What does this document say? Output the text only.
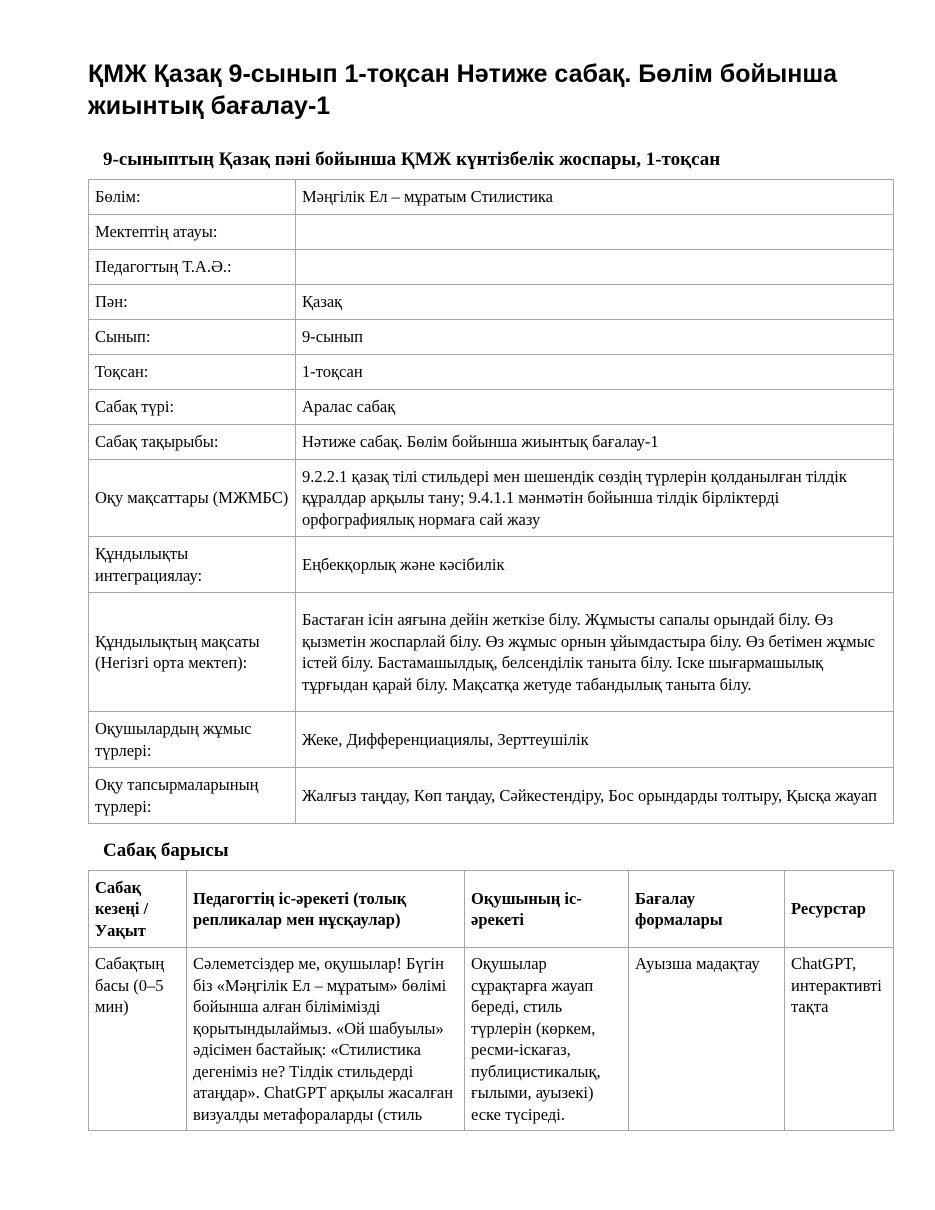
ҚМЖ Қазақ 9-сынып 1-тоқсан Нәтиже сабақ. Бөлім бойынша жиынтық бағалау-1
9-сыныптың Қазақ пәні бойынша ҚМЖ күнтізбелік жоспары, 1-тоқсан
Бөлім:	Мәңгілік Ел – мұратым Стилистика
Мектептің атауы:	
Педагогтың Т.А.Ә.:	
Пән:	Қазақ
Сынып:	9-сынып
Тоқсан:	1-тоқсан
Сабақ түрі:	Аралас сабақ
Сабақ тақырыбы:	Нәтиже сабақ. Бөлім бойынша жиынтық бағалау-1
Оқу мақсаттары (МЖМБС)	9.2.2.1 қазақ тілі стильдері мен шешендік сөздің түрлерін қолданылған тілдік құралдар арқылы тану; 9.4.1.1 мәнмәтін бойынша тілдік бірліктерді орфографиялық нормаға сай жазу
Құндылықты интеграциялау:	Еңбекқорлық және кәсібилік
Құндылықтың мақсаты (Негізгі орта мектеп):	Бастаған ісін аяғына дейін жеткізе білу. Жұмысты сапалы орындай білу. Өз қызметін жоспарлай білу. Өз жұмыс орнын ұйымдастыра білу. Өз бетімен жұмыс істей білу. Бастамашылдық, белсенділік таныта білу. Іске шығармашылық тұрғыдан қарай білу. Мақсатқа жетуде табандылық таныта білу.
Оқушылардың жұмыс түрлері:	Жеке, Дифференциациялы, Зерттеушілік
Оқу тапсырмаларының түрлері:	Жалғыз таңдау, Көп таңдау, Сәйкестендіру, Бос орындарды толтыру, Қысқа жауап
Сабақ барысы
Сабақ кезеңі / Уақыт	Педагогтің іс-әрекеті (толық репликалар мен нұсқаулар)	Оқушының іс-әрекеті	Бағалау формалары	Ресурстар
Сабақтың басы (0–5 мин)	Сәлеметсіздер ме, оқушылар! Бүгін біз «Мәңгілік Ел – мұратым» бөлімі бойынша алған білімімізді қорытындылаймыз. «Ой шабуылы» әдісімен бастайық: «Стилистика дегеніміз не? Тілдік стильдерді атаңдар». ChatGPT арқылы жасалған визуалды метафораларды (стиль	Оқушылар сұрақтарға жауап береді, стиль түрлерін (көркем, ресми-іскағаз, публицистикалық, ғылыми, ауызекі) еске түсіреді.	Ауызша мадақтау	ChatGPT, интерактивті тақта
